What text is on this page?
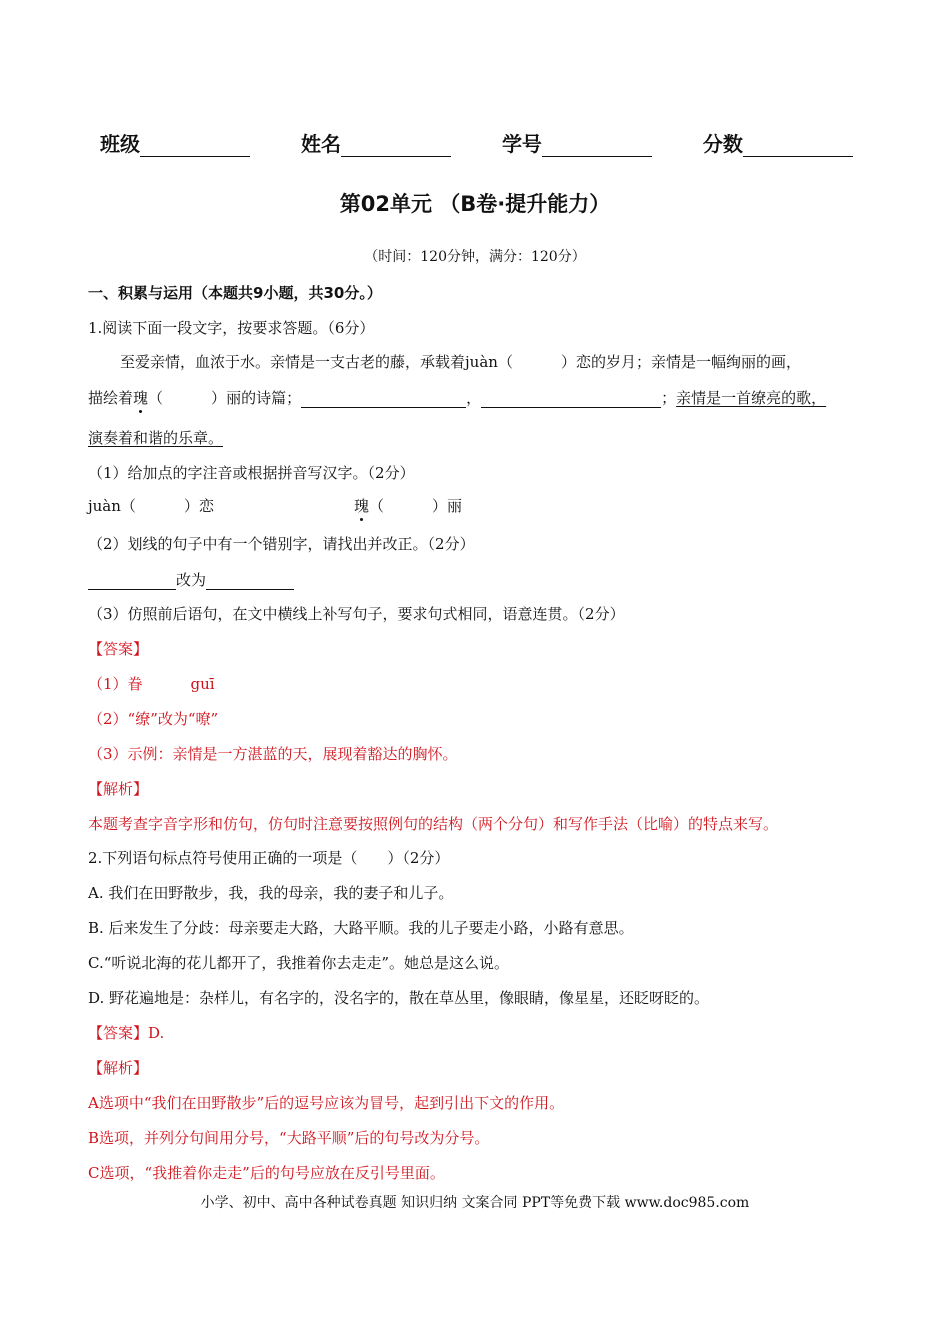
班级	姓名	学号	分数
第02单元 （B卷·提升能力）
（时间：120分钟，满分：120分）
一、积累与运用（本题共9小题，共30分。）
1.阅读下面一段文字，按要求答题。（6分）
至爱亲情，血浓于水。亲情是一支古老的藤，承载着juàn（	）恋的岁月；亲情是一幅绚丽的画，
描绘着瑰（	）丽的诗篇；	，	；亲情是一首缭亮的歌，
演奏着和谐的乐章。
（1）给加点的字注音或根据拼音写汉字。（2分）
juàn（	）恋	瑰（	）丽
（2）划线的句子中有一个错别字，请找出并改正。（2分）
改为
（3）仿照前后语句，在文中横线上补写句子，要求句式相同，语意连贯。（2分）
【答案】
（1）眷	guī
（2）“缭”改为“嘹”
（3）示例：亲情是一方湛蓝的天，展现着豁达的胸怀。
【解析】
本题考查字音字形和仿句，仿句时注意要按照例句的结构（两个分句）和写作手法（比喻）的特点来写。
2.下列语句标点符号使用正确的一项是（　　）（2分）
A. 我们在田野散步，我，我的母亲，我的妻子和儿子。
B. 后来发生了分歧：母亲要走大路，大路平顺。我的儿子要走小路，小路有意思。
C.“听说北海的花儿都开了，我推着你去走走”。她总是这么说。
D. 野花遍地是：杂样儿，有名字的，没名字的，散在草丛里，像眼睛，像星星，还眨呀眨的。
【答案】D.
【解析】
A选项中“我们在田野散步”后的逗号应该为冒号，起到引出下文的作用。
B选项，并列分句间用分号，“大路平顺”后的句号改为分号。
C选项，“我推着你走走”后的句号应放在反引号里面。
小学、初中、高中各种试卷真题 知识归纳 文案合同 PPT等免费下载 www.doc985.com
